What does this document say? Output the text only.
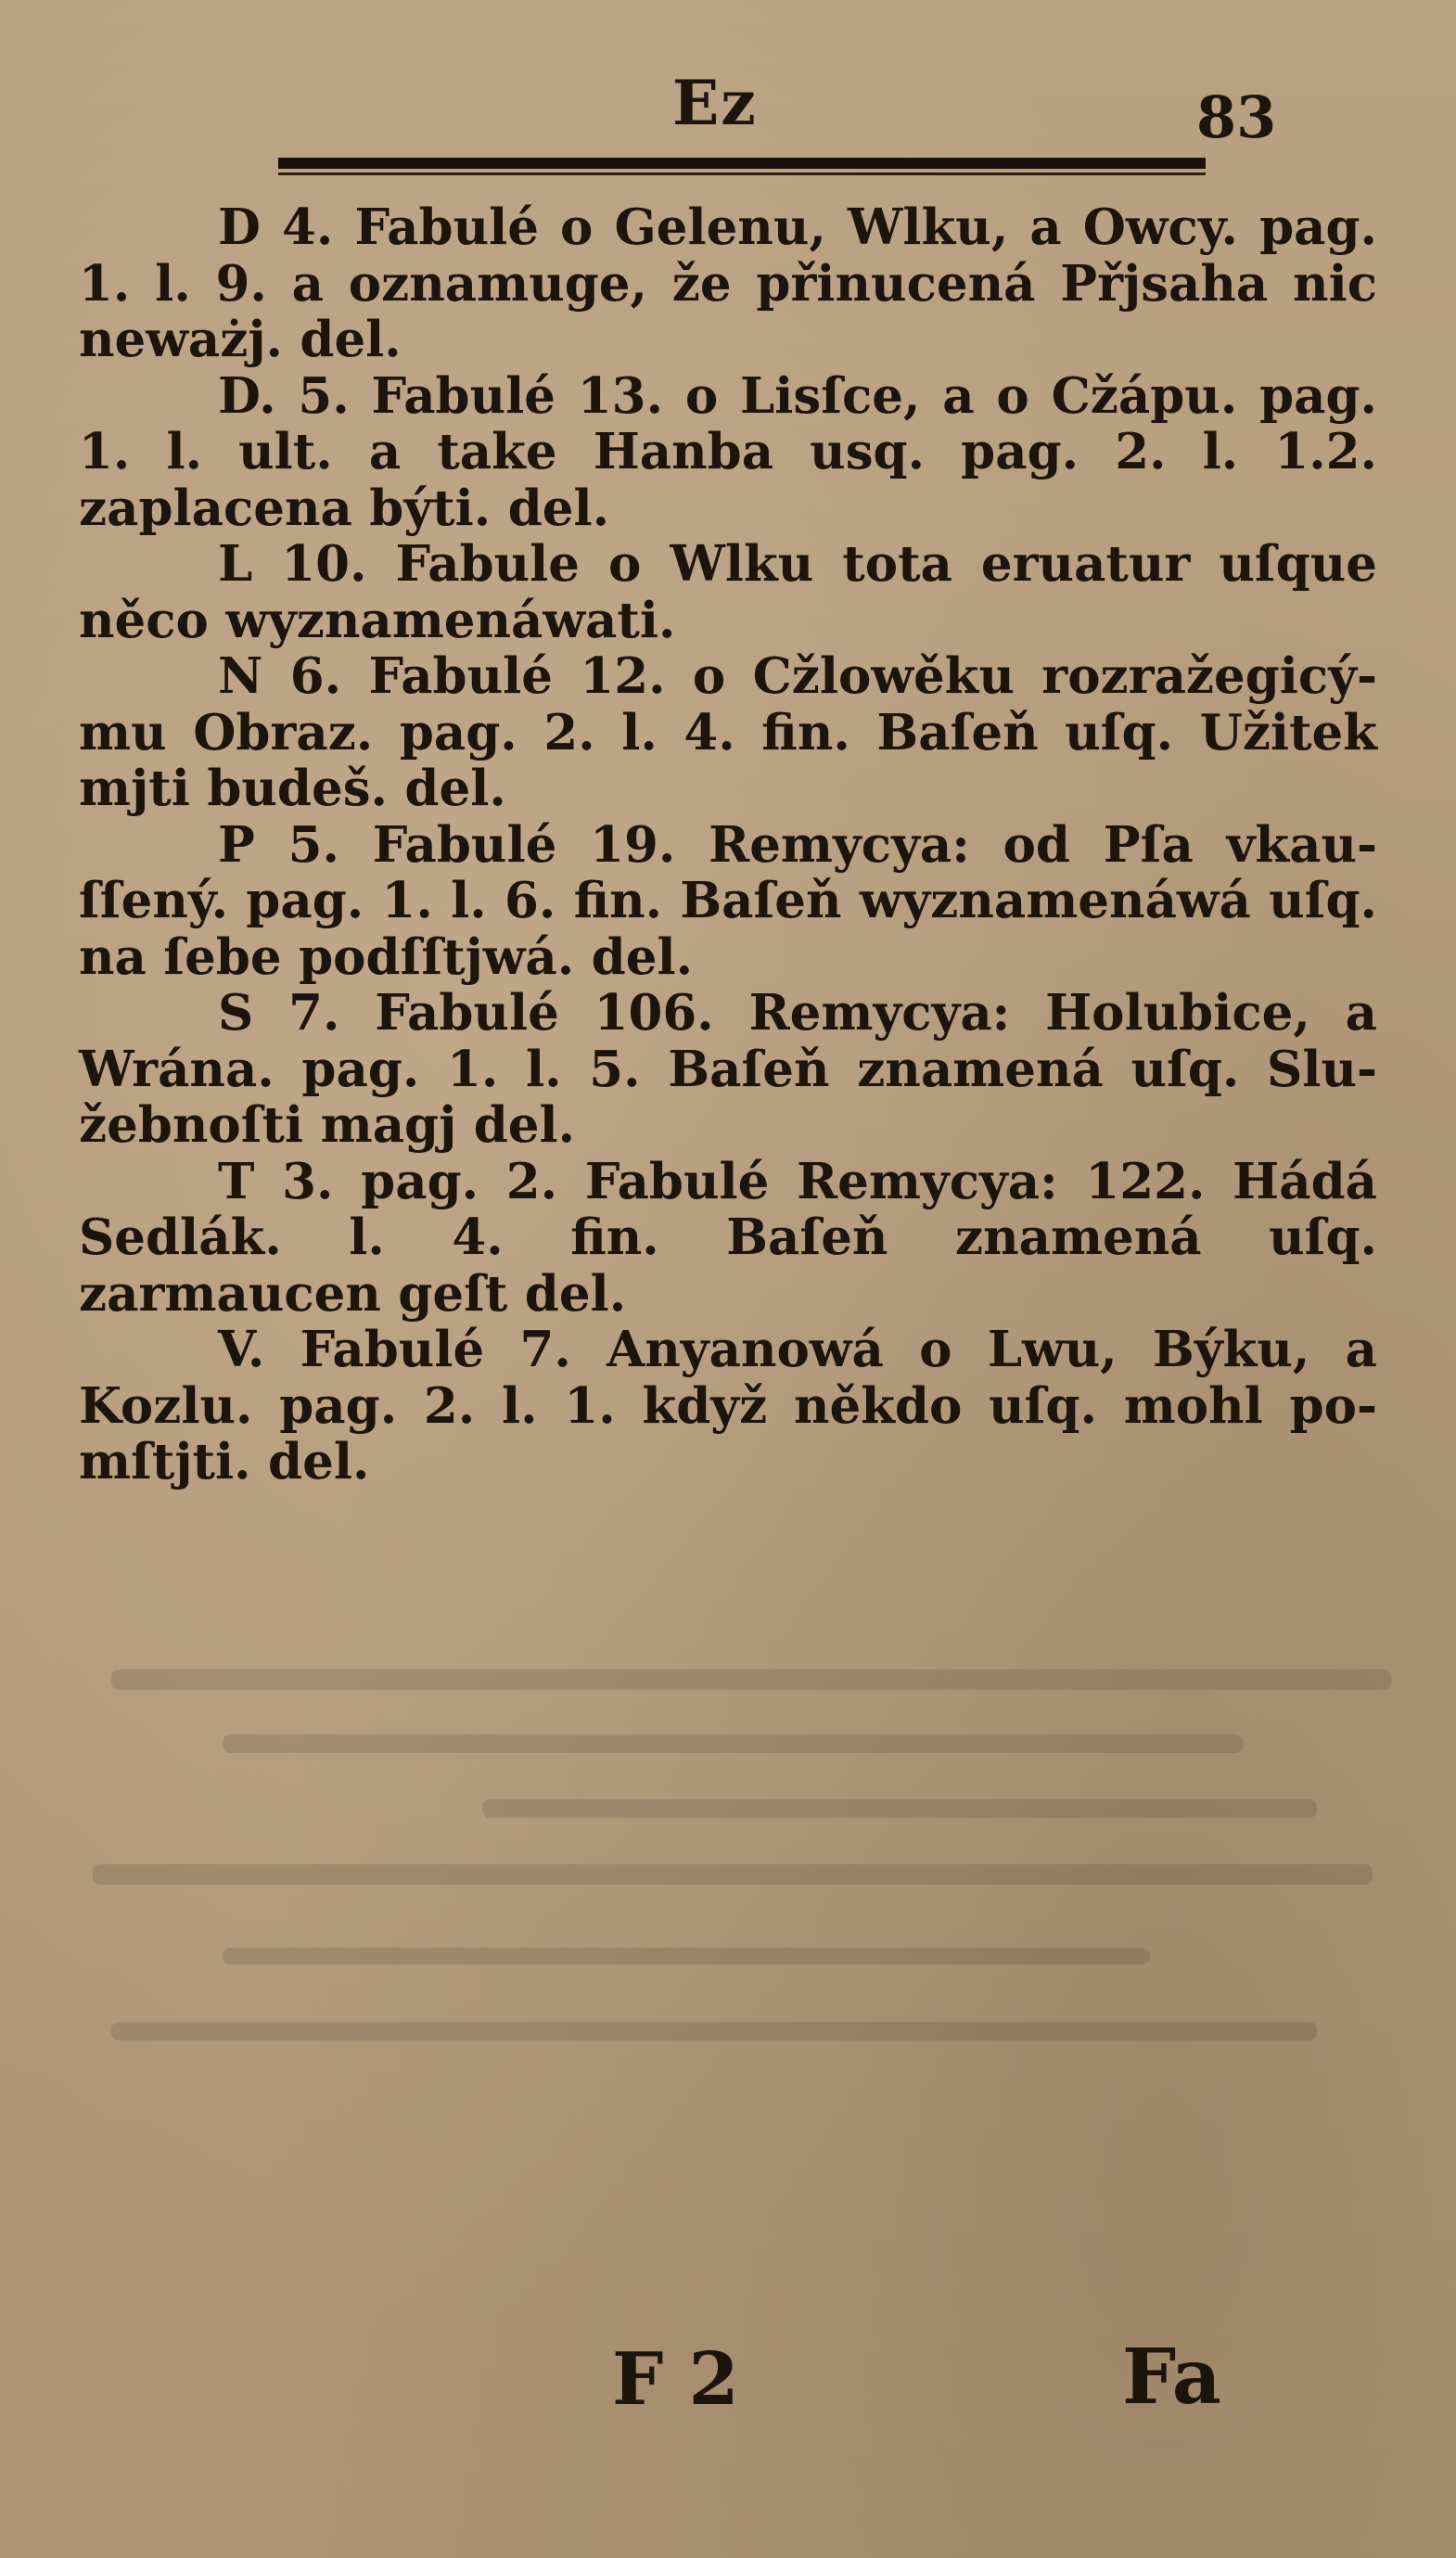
Ez	83

D 4. Fabulé o Gelenu, Wlku, a Owcy. pag. 1. l. 9. a oznamuge, že přinucená Přjsaha nic neważj. del.

D. 5. Fabulé 13. o Lisſce, a o Cžápu. pag. 1. l. ult. a take Hanba usq. pag. 2. l. 1.2. zaplacena býti. del.

L 10. Fabule o Wlku tota eruatur uſque něco wyznamenáwati.

N 6. Fabulé 12. o Cžlowěku rozražegicý-mu Obraz. pag. 2. l. 4. fin. Baſeň uſq. Užitek mjti budeš. del.

P 5. Fabulé 19. Remycya: od Pſa vkau-ſſený. pag. 1. l. 6. fin. Baſeň wyznamenáwá uſq. na ſebe podſſtjwá. del.

S 7. Fabulé 106. Remycya: Holubice, a Wrána. pag. 1. l. 5. Baſeň znamená uſq. Slu-žebnoſti magj del.

T 3. pag. 2. Fabulé Remycya: 122. Hádá Sedlák. l. 4. fin. Baſeň znamená uſq. zarmaucen geſt del.

V. Fabulé 7. Anyanowá o Lwu, Býku, a Kozlu. pag. 2. l. 1. když někdo uſq. mohl po-mſtjti. del.

F 2	Fa
